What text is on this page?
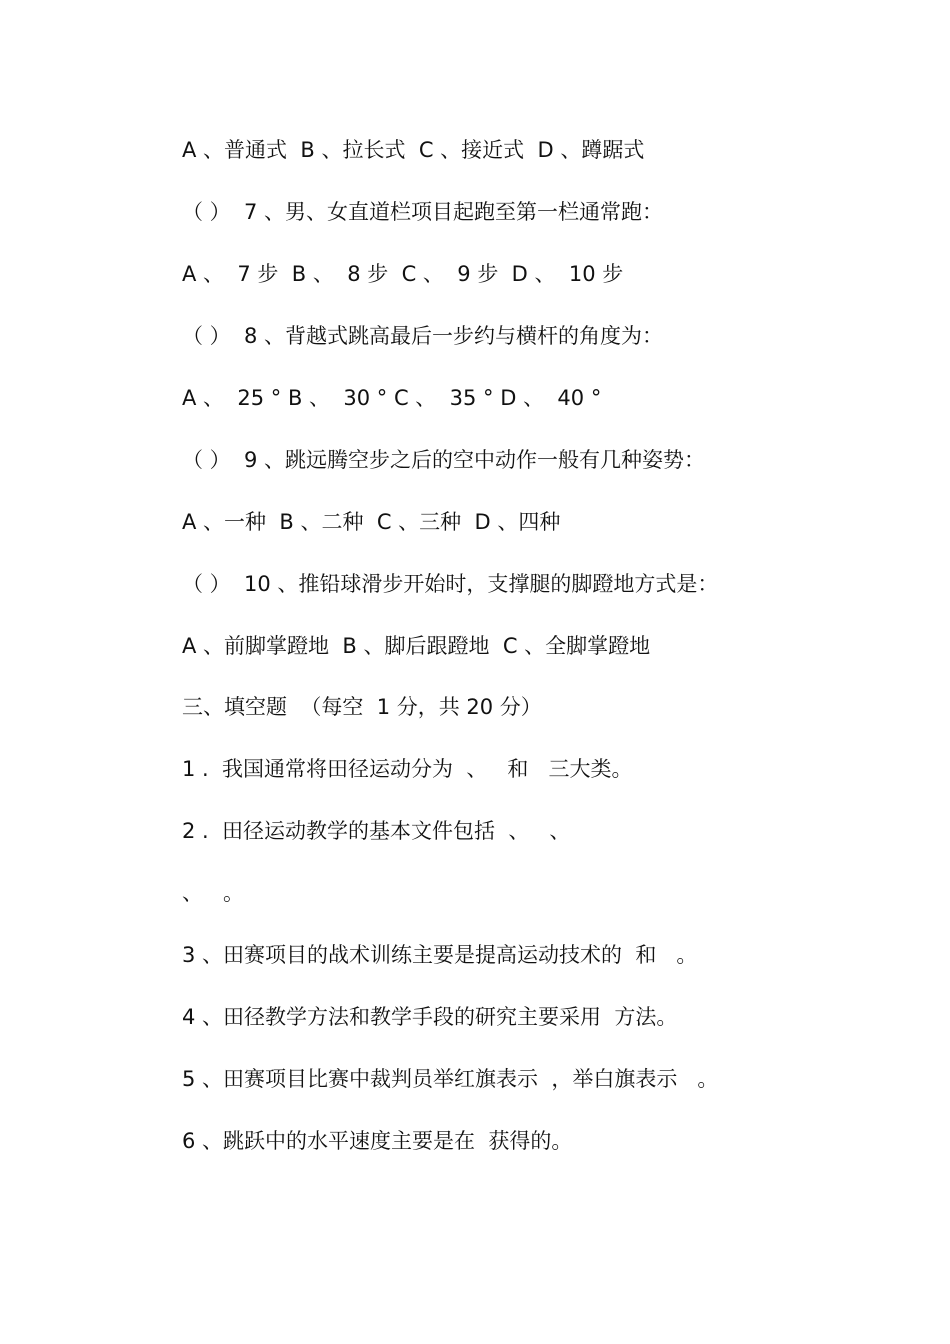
A 、普通式  B 、拉长式  C 、接近式  D 、蹲踞式
（ ）  7 、男、女直道栏项目起跑至第一栏通常跑：
A 、  7 步  B 、  8 步  C 、  9 步  D 、  10 步
（ ）  8 、背越式跳高最后一步约与横杆的角度为：
A 、  25 ° B 、  30 ° C 、  35 ° D 、  40 °
（ ）  9 、跳远腾空步之后的空中动作一般有几种姿势：
A 、一种  B 、二种  C 、三种  D 、四种
（ ）  10 、推铅球滑步开始时，支撑腿的脚蹬地方式是：
A 、前脚掌蹬地  B 、脚后跟蹬地  C 、全脚掌蹬地
三、填空题  （每空  1 分，共 20 分）
1 .  我国通常将田径运动分为  、   和   三大类。
2 .  田径运动教学的基本文件包括  、   、
、   。
3 、田赛项目的战术训练主要是提高运动技术的  和   。
4 、田径教学方法和教学手段的研究主要采用  方法。
5 、田赛项目比赛中裁判员举红旗表示  ，举白旗表示   。
6 、跳跃中的水平速度主要是在  获得的。
